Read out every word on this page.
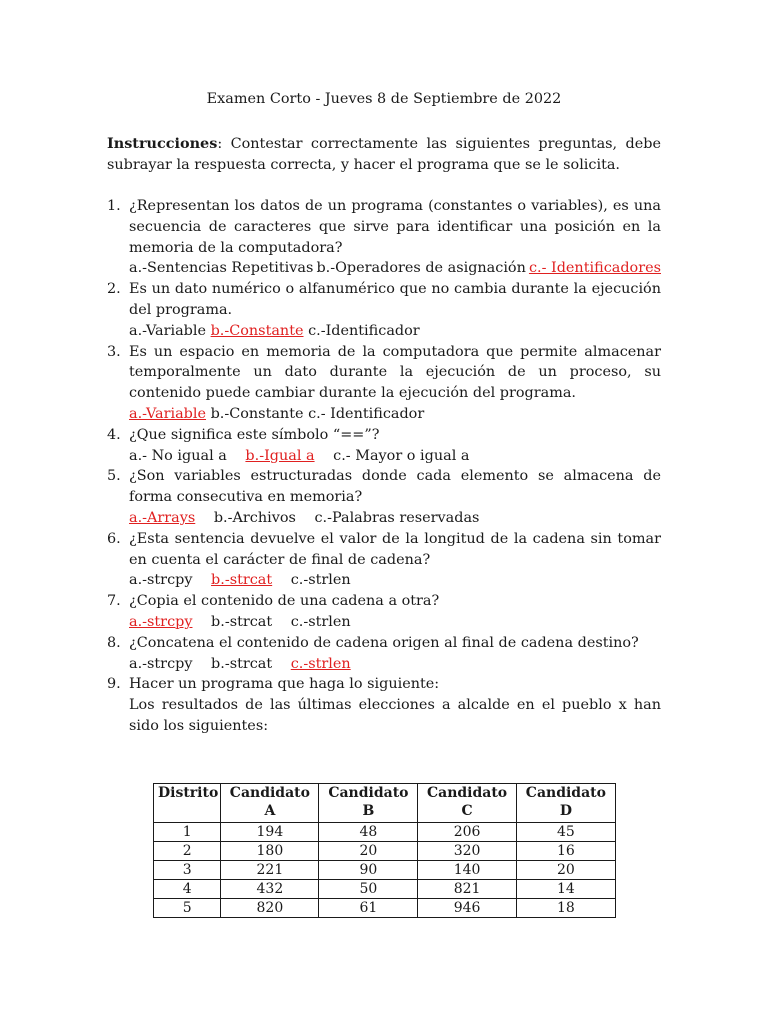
Examen Corto - Jueves 8 de Septiembre de 2022
Instrucciones: Contestar correctamente las siguientes preguntas, debe subrayar la respuesta correcta, y hacer el programa que se le solicita.
1. ¿Representan los datos de un programa (constantes o variables), es una secuencia de caracteres que sirve para identificar una posición en la memoria de la computadora?
a.-Sentencias Repetitivas b.-Operadores de asignación c.- Identificadores
2. Es un dato numérico o alfanumérico que no cambia durante la ejecución del programa.
a.-Variable b.-Constante c.-Identificador
3. Es un espacio en memoria de la computadora que permite almacenar temporalmente un dato durante la ejecución de un proceso, su contenido puede cambiar durante la ejecución del programa.
a.-Variable b.-Constante c.- Identificador
4. ¿Que significa este símbolo “==”?
a.- No igual a b.-Igual a c.- Mayor o igual a
5. ¿Son variables estructuradas donde cada elemento se almacena de forma consecutiva en memoria?
a.-Arrays b.-Archivos c.-Palabras reservadas
6. ¿Esta sentencia devuelve el valor de la longitud de la cadena sin tomar en cuenta el carácter de final de cadena?
a.-strcpy b.-strcat c.-strlen
7. ¿Copia el contenido de una cadena a otra?
a.-strcpy b.-strcat c.-strlen
8. ¿Concatena el contenido de cadena origen al final de cadena destino?
a.-strcpy b.-strcat c.-strlen
9. Hacer un programa que haga lo siguiente:
Los resultados de las últimas elecciones a alcalde en el pueblo x han sido los siguientes:
Distrito	Candidato A	Candidato B	Candidato C	Candidato D
1	194	48	206	45
2	180	20	320	16
3	221	90	140	20
4	432	50	821	14
5	820	61	946	18
